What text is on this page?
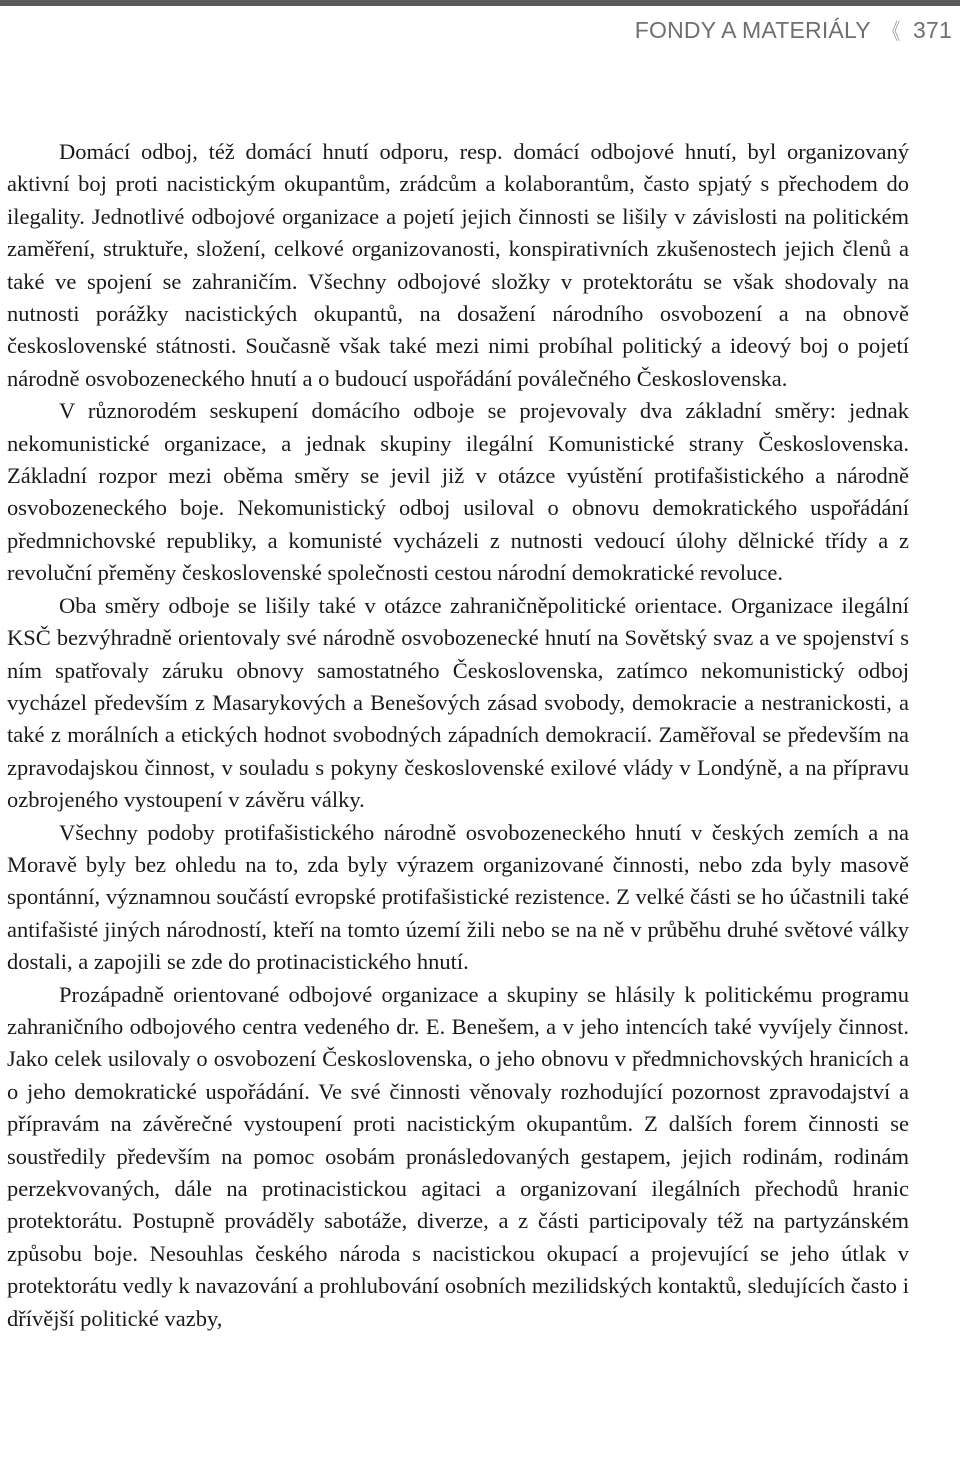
FONDY A MATERIÁLY 《 371

Domácí odboj, též domácí hnutí odporu, resp. domácí odbojové hnutí, byl organizovaný aktivní boj proti nacistickým okupantům, zrádcům a kolaborantům, často spjatý s přechodem do ilegality. Jednotlivé odbojové organizace a pojetí jejich činnosti se lišily v závislosti na politickém zaměření, struktuře, složení, celkové organizovanosti, konspirativních zkušenostech jejich členů a také ve spojení se zahraničím. Všechny odbojové složky v protektorátu se však shodovaly na nutnosti porážky nacistických okupantů, na dosažení národního osvobození a na obnově československé státnosti. Současně však také mezi nimi probíhal politický a ideový boj o pojetí národně osvobozeneckého hnutí a o budoucí uspořádání poválečného Československa.

V různorodém seskupení domácího odboje se projevovaly dva základní směry: jednak nekomunistické organizace, a jednak skupiny ilegální Komunistické strany Československa. Základní rozpor mezi oběma směry se jevil již v otázce vyústění protifašistického a národně osvobozeneckého boje. Nekomunistický odboj usiloval o obnovu demokratického uspořádání předmnichovské republiky, a komunisté vycházeli z nutnosti vedoucí úlohy dělnické třídy a z revoluční přeměny československé společnosti cestou národní demokratické revoluce.

Oba směry odboje se lišily také v otázce zahraničněpolitické orientace. Organizace ilegální KSČ bezvýhradně orientovaly své národně osvobozenecké hnutí na Sovětský svaz a ve spojenství s ním spatřovaly záruku obnovy samostatného Československa, zatímco nekomunistický odboj vycházel především z Masarykových a Benešových zásad svobody, demokracie a nestranickosti, a také z morálních a etických hodnot svobodných západních demokracií. Zaměřoval se především na zpravodajskou činnost, v souladu s pokyny československé exilové vlády v Londýně, a na přípravu ozbrojeného vystoupení v závěru války.

Všechny podoby protifašistického národně osvobozeneckého hnutí v českých zemích a na Moravě byly bez ohledu na to, zda byly výrazem organizované činnosti, nebo zda byly masově spontánní, významnou součástí evropské protifašistické rezistence. Z velké části se ho účastnili také antifašisté jiných národností, kteří na tomto území žili nebo se na ně v průběhu druhé světové války dostali, a zapojili se zde do protinacistického hnutí.

Prozápadně orientované odbojové organizace a skupiny se hlásily k politickému programu zahraničního odbojového centra vedeného dr. E. Benešem, a v jeho intencích také vyvíjely činnost. Jako celek usilovaly o osvobození Československa, o jeho obnovu v předmnichovských hranicích a o jeho demokratické uspořádání. Ve své činnosti věnovaly rozhodující pozornost zpravodajství a přípravám na závěrečné vystoupení proti nacistickým okupantům. Z dalších forem činnosti se soustředily především na pomoc osobám pronásledovaných gestapem, jejich rodinám, rodinám perzekvovaných, dále na protinacistickou agitaci a organizovaní ilegálních přechodů hranic protektorátu. Postupně prováděly sabotáže, diverze, a z části participovaly též na partyzánském způsobu boje. Nesouhlas českého národa s nacistickou okupací a projevující se jeho útlak v protektorátu vedly k navazování a prohlubování osobních mezilidských kontaktů, sledujících často i dřívější politické vazby,
